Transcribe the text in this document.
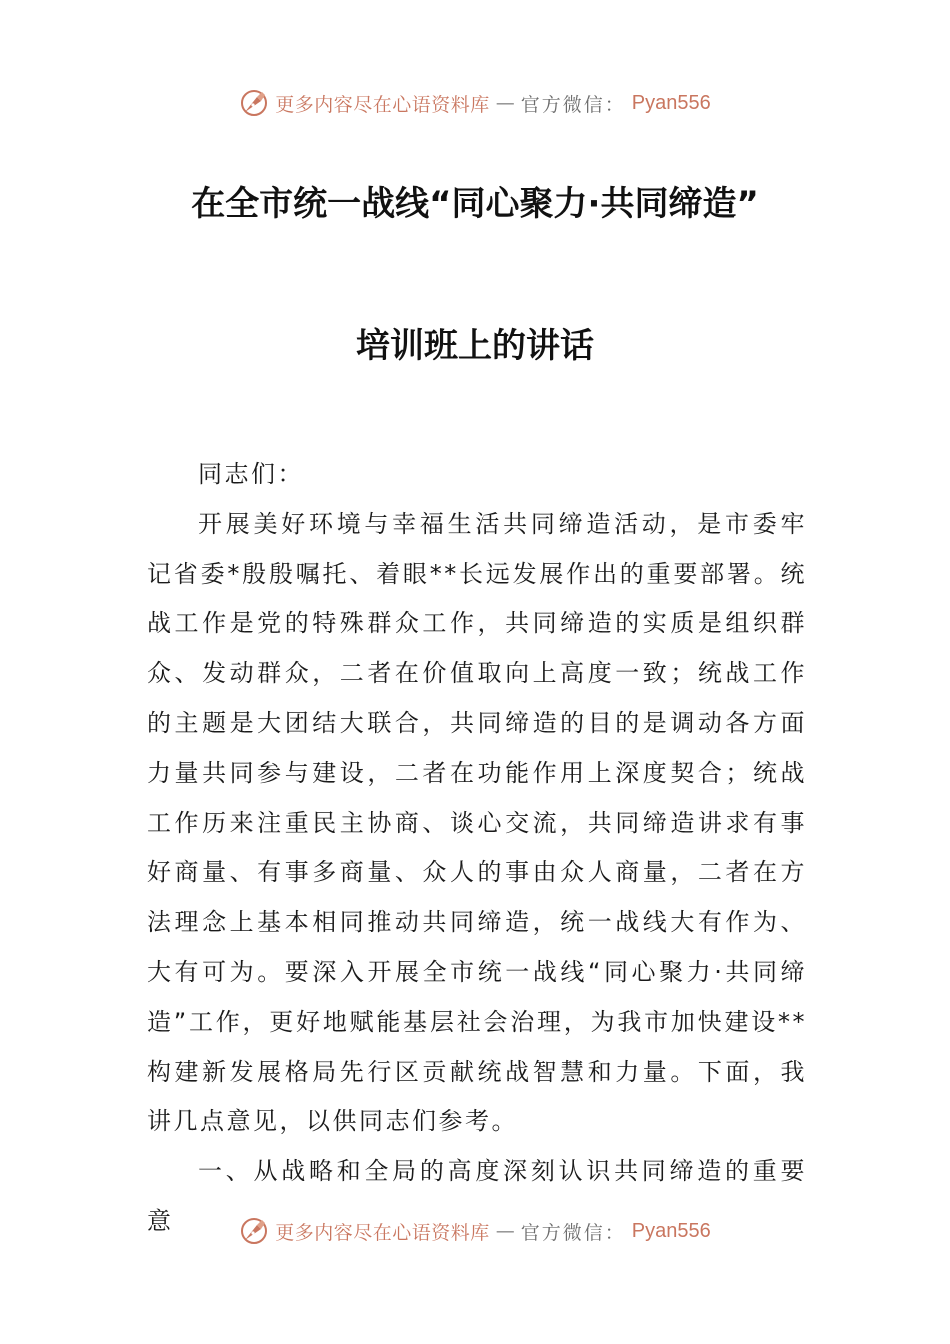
更多内容尽在心语资料库 — 官方微信： Pyan556
在全市统一战线“同心聚力·共同缔造”
培训班上的讲话

同志们：

开展美好环境与幸福生活共同缔造活动，是市委牢记省委*殷殷嘱托、着眼**长远发展作出的重要部署。统战工作是党的特殊群众工作，共同缔造的实质是组织群众、发动群众，二者在价值取向上高度一致；统战工作的主题是大团结大联合，共同缔造的目的是调动各方面力量共同参与建设，二者在功能作用上深度契合；统战工作历来注重民主协商、谈心交流，共同缔造讲求有事好商量、有事多商量、众人的事由众人商量，二者在方法理念上基本相同推动共同缔造，统一战线大有作为、大有可为。要深入开展全市统一战线“同心聚力·共同缔造”工作，更好地赋能基层社会治理，为我市加快建设**构建新发展格局先行区贡献统战智慧和力量。下面，我讲几点意见，以供同志们参考。

一、从战略和全局的高度深刻认识共同缔造的重要意	更多内容尽在心语资料库 — 官方微信： Pyan556
